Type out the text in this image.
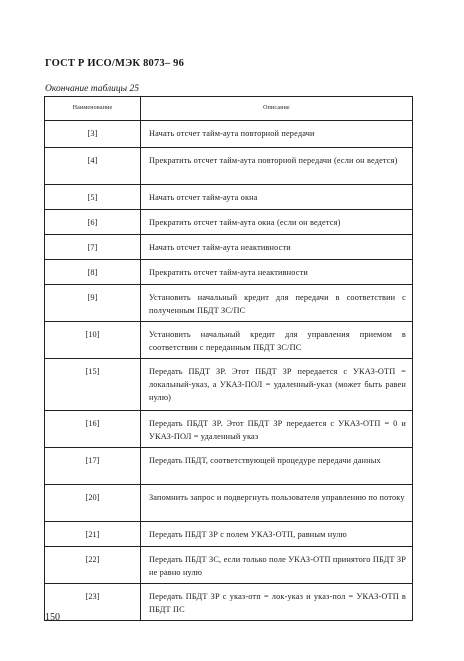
ГОСТ Р ИСО/МЭК 8073– 96
Окончание таблицы 25
Наименование	Описание
[3]	Начать отсчет тайм-аута повторной передачи
[4]	Прекратить отсчет тайм-аута повторной передачи (если он ведется)
[5]	Начать отсчет тайм-аута окна
[6]	Прекратить отсчет тайм-аута окна (если он ведется)
[7]	Начать отсчет тайм-аута неактивности
[8]	Прекратить отсчет тайм-аута неактивности
[9]	Установить начальный кредит для передачи в соответствии с полученным ПБДТ ЗС/ПС
[10]	Установить начальный кредит для управления приемом в соответствии с переданным ПБДТ ЗС/ПС
[15]	Передать ПБДТ ЗР. Этот ПБДТ ЗР передается с УКАЗ-ОТП = локальный-указ, а УКАЗ-ПОЛ = удаленный-указ (может быть равен нулю)
[16]	Передать ПБДТ ЗР. Этот ПБДТ ЗР передается с УКАЗ-ОТП = 0 и УКАЗ-ПОЛ = удаленный указ
[17]	Передать ПБДТ, соответствующей процедуре передачи данных
[20]	Запомнить запрос и подвергнуть пользователя управлению по потоку
[21]	Передать ПБДТ ЗР с полем УКАЗ-ОТП, равным нулю
[22]	Передать ПБДТ ЗС, если только поле УКАЗ-ОТП принятого ПБДТ ЗР не равно нулю
[23]	Передать ПБДТ ЗР с указ-отп = лок-указ и указ-пол = УКАЗ-ОТП в ПБДТ ПС
150
